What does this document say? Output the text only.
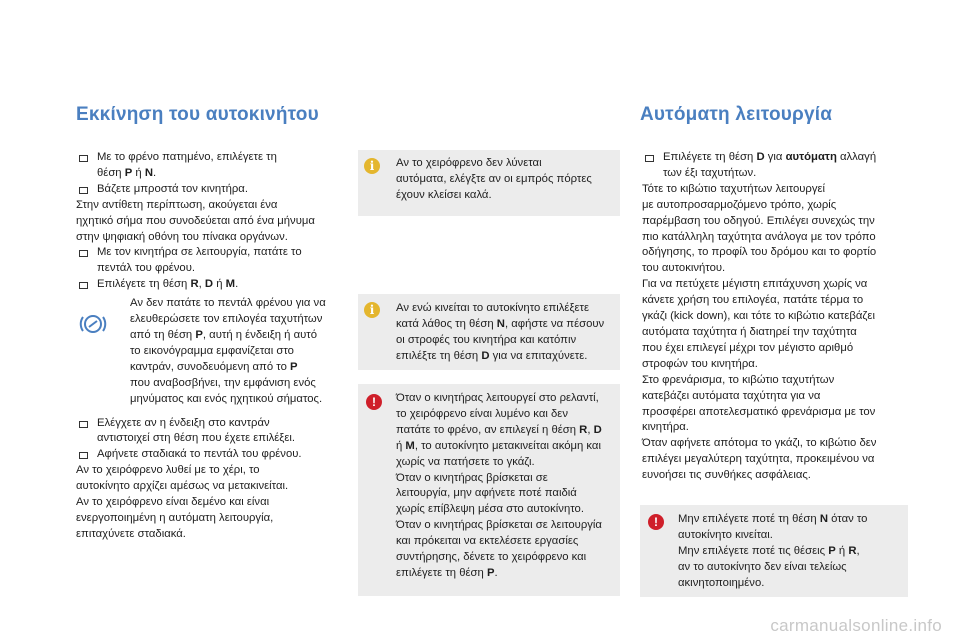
Εκκίνηση του αυτοκινήτου	Αυτόματη λειτουργία

Με το φρένο πατημένο, επιλέγετε τη
θέση P ή N.

Βάζετε μπροστά τον κινητήρα.

Στην αντίθετη περίπτωση, ακούγεται ένα
ηχητικό σήμα που συνοδεύεται από ένα μήνυμα
στην ψηφιακή οθόνη του πίνακα οργάνων.

Με τον κινητήρα σε λειτουργία, πατάτε το
πεντάλ του φρένου.

Επιλέγετε τη θέση R, D ή M.

Αν δεν πατάτε το πεντάλ φρένου για να
ελευθερώσετε τον επιλογέα ταχυτήτων
από τη θέση P, αυτή η ένδειξη ή αυτό
το εικονόγραμμα εμφανίζεται στο
καντράν, συνοδευόμενη από το P
που αναβοσβήνει, την εμφάνιση ενός
μηνύματος και ενός ηχητικού σήματος.

Ελέγχετε αν η ένδειξη στο καντράν
αντιστοιχεί στη θέση που έχετε επιλέξει.

Αφήνετε σταδιακά το πεντάλ του φρένου.

Αν το χειρόφρενο λυθεί με το χέρι, το
αυτοκίνητο αρχίζει αμέσως να μετακινείται.
Αν το χειρόφρενο είναι δεμένο και είναι
ενεργοποιημένη η αυτόματη λειτουργία,
επιταχύνετε σταδιακά.

i	Αν το χειρόφρενο δεν λύνεται
αυτόματα, ελέγξτε αν οι εμπρός πόρτες
έχουν κλείσει καλά.
i	Αν ενώ κινείται το αυτοκίνητο επιλέξετε
κατά λάθος τη θέση N, αφήστε να πέσουν
οι στροφές του κινητήρα και κατόπιν
επιλέξτε τη θέση D για να επιταχύνετε.
!	Όταν ο κινητήρας λειτουργεί στο ρελαντί,
το χειρόφρενο είναι λυμένο και δεν
πατάτε το φρένο, αν επιλεγεί η θέση R, D
ή M, το αυτοκίνητο μετακινείται ακόμη και
χωρίς να πατήσετε το γκάζι.
Όταν ο κινητήρας βρίσκεται σε
λειτουργία, μην αφήνετε ποτέ παιδιά
χωρίς επίβλεψη μέσα στο αυτοκίνητο.
Όταν ο κινητήρας βρίσκεται σε λειτουργία
και πρόκειται να εκτελέσετε εργασίες
συντήρησης, δένετε το χειρόφρενο και
επιλέγετε τη θέση P.

Επιλέγετε τη θέση D για αυτόματη αλλαγή
των έξι ταχυτήτων.

Τότε το κιβώτιο ταχυτήτων λειτουργεί
με αυτοπροσαρμοζόμενο τρόπο, χωρίς
παρέμβαση του οδηγού. Επιλέγει συνεχώς την
πιο κατάλληλη ταχύτητα ανάλογα με τον τρόπο
οδήγησης, το προφίλ του δρόμου και το φορτίο
του αυτοκινήτου.
Για να πετύχετε μέγιστη επιτάχυνση χωρίς να
κάνετε χρήση του επιλογέα, πατάτε τέρμα το
γκάζι (kick down), και τότε το κιβώτιο κατεβάζει
αυτόματα ταχύτητα ή διατηρεί την ταχύτητα
που έχει επιλεγεί μέχρι τον μέγιστο αριθμό
στροφών του κινητήρα.
Στο φρενάρισμα, το κιβώτιο ταχυτήτων
κατεβάζει αυτόματα ταχύτητα για να
προσφέρει αποτελεσματικό φρενάρισμα με τον
κινητήρα.
Όταν αφήνετε απότομα το γκάζι, το κιβώτιο δεν
επιλέγει μεγαλύτερη ταχύτητα, προκειμένου να
ευνοήσει τις συνθήκες ασφάλειας.

!	Μην επιλέγετε ποτέ τη θέση N όταν το
αυτοκίνητο κινείται.
Μην επιλέγετε ποτέ τις θέσεις P ή R,
αν το αυτοκίνητο δεν είναι τελείως
ακινητοποιημένο.
carmanualsonline.info
